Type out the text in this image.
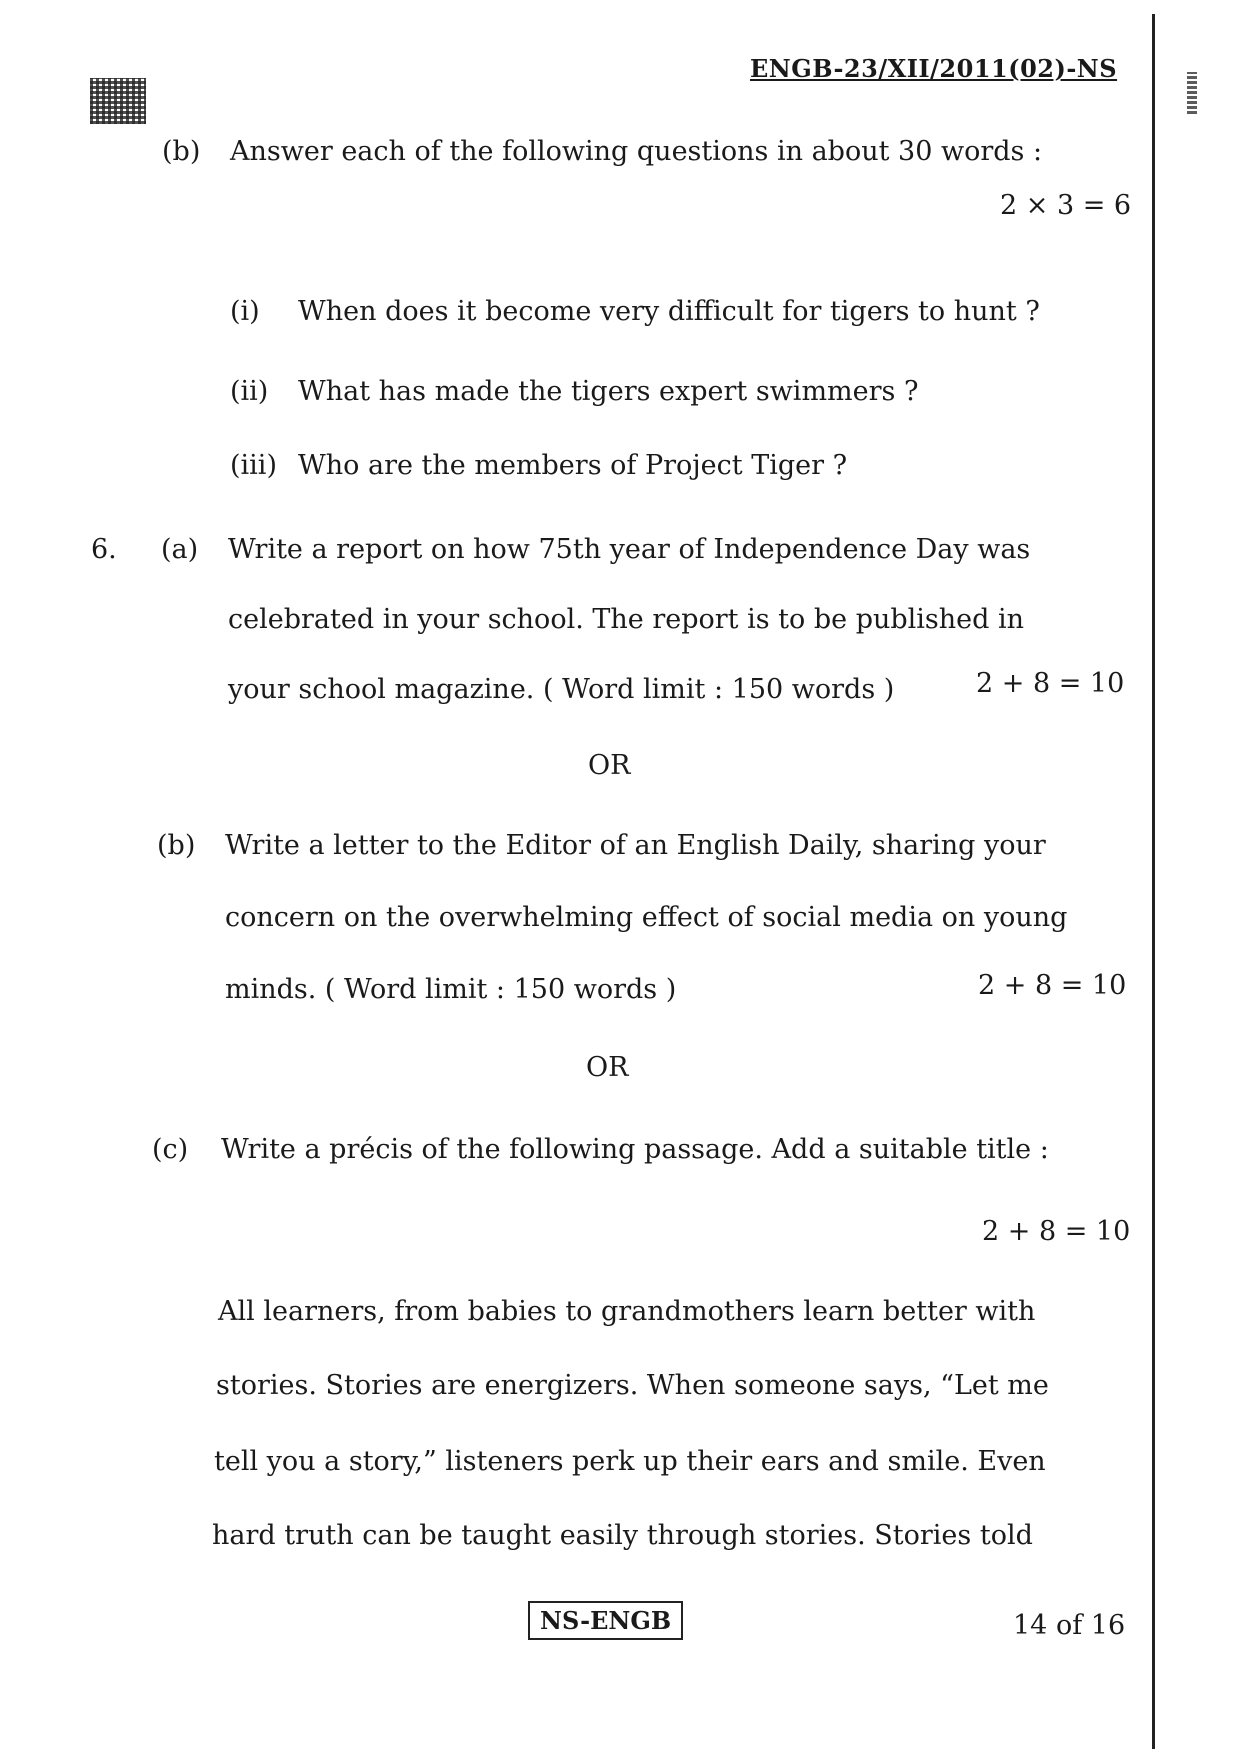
ENGB-23/XII/2011(02)-NS
(b) Answer each of the following questions in about 30 words :
2 × 3 = 6
(i) When does it become very difficult for tigers to hunt ?
(ii) What has made the tigers expert swimmers ?
(iii) Who are the members of Project Tiger ?
6. (a) Write a report on how 75th year of Independence Day was
celebrated in your school. The report is to be published in
your school magazine. ( Word limit : 150 words )	2 + 8 = 10
OR
(b) Write a letter to the Editor of an English Daily, sharing your
concern on the overwhelming effect of social media on young
minds. ( Word limit : 150 words )	2 + 8 = 10
OR
(c) Write a précis of the following passage. Add a suitable title :
2 + 8 = 10
All learners, from babies to grandmothers learn better with
stories. Stories are energizers. When someone says, “Let me
tell you a story,” listeners perk up their ears and smile. Even
hard truth can be taught easily through stories. Stories told
NS-ENGB	14 of 16
